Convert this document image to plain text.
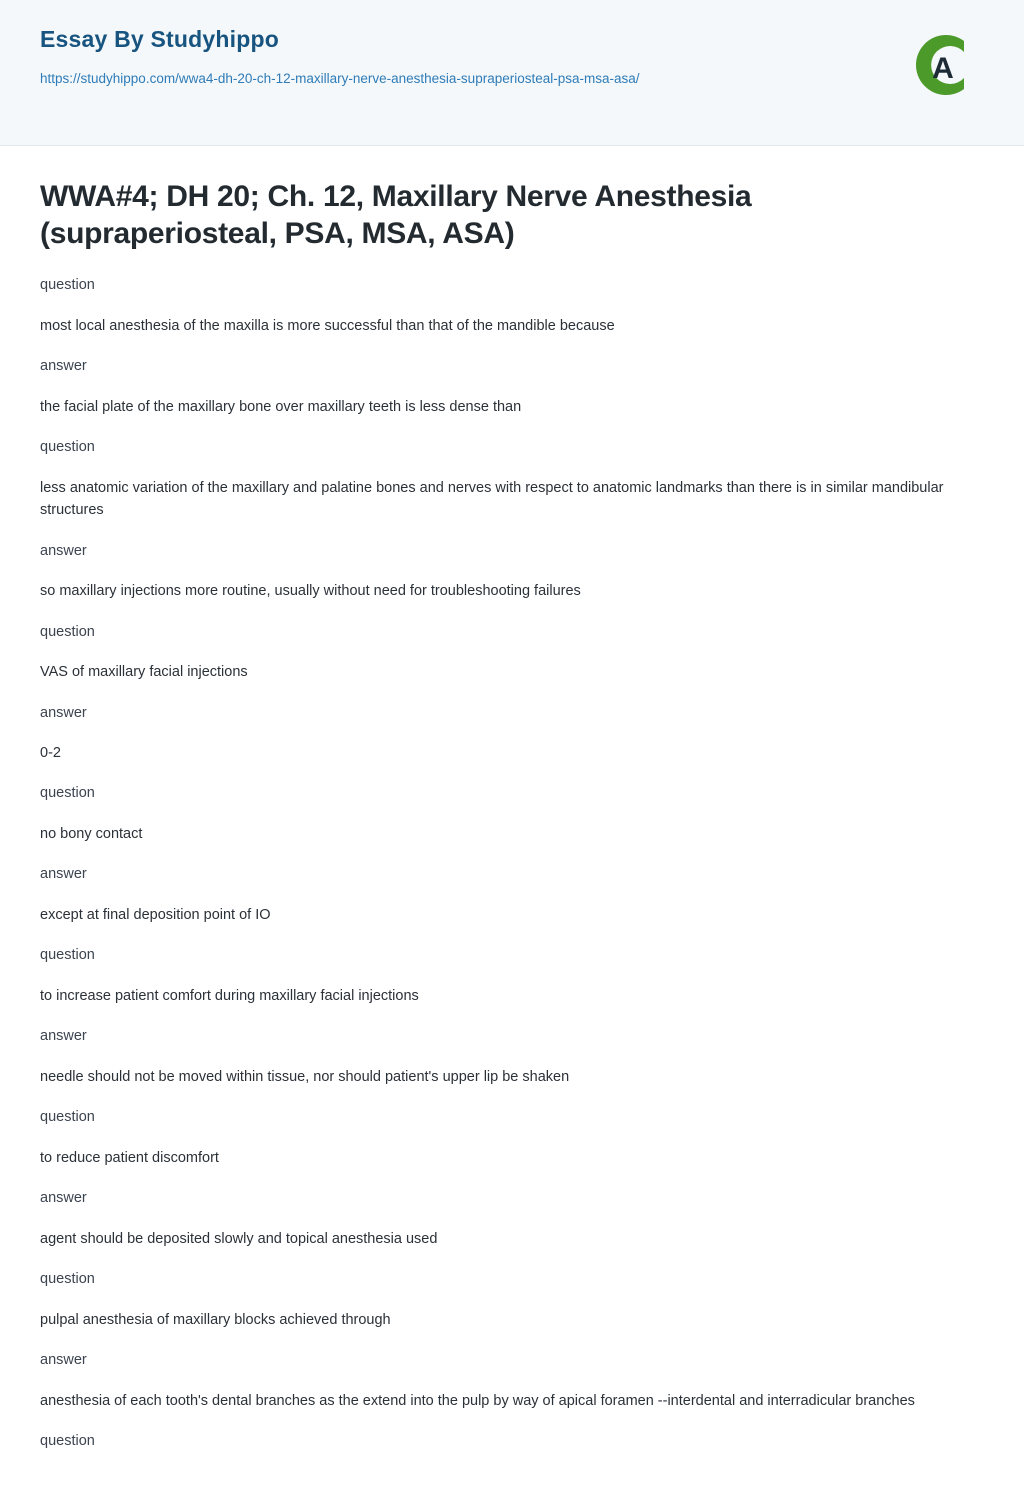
Essay By Studyhippo
https://studyhippo.com/wwa4-dh-20-ch-12-maxillary-nerve-anesthesia-supraperiosteal-psa-msa-asa/	A
WWA#4; DH 20; Ch. 12, Maxillary Nerve Anesthesia (supraperiosteal, PSA, MSA, ASA)
question
most local anesthesia of the maxilla is more successful than that of the mandible because
answer
the facial plate of the maxillary bone over maxillary teeth is less dense than
question
less anatomic variation of the maxillary and palatine bones and nerves with respect to anatomic landmarks than there is in similar mandibular structures
answer
so maxillary injections more routine, usually without need for troubleshooting failures
question
VAS of maxillary facial injections
answer
0-2
question
no bony contact
answer
except at final deposition point of IO
question
to increase patient comfort during maxillary facial injections
answer
needle should not be moved within tissue, nor should patient's upper lip be shaken
question
to reduce patient discomfort
answer
agent should be deposited slowly and topical anesthesia used
question
pulpal anesthesia of maxillary blocks achieved through
answer
anesthesia of each tooth's dental branches as the extend into the pulp by way of apical foramen --interdental and interradicular branches
question
